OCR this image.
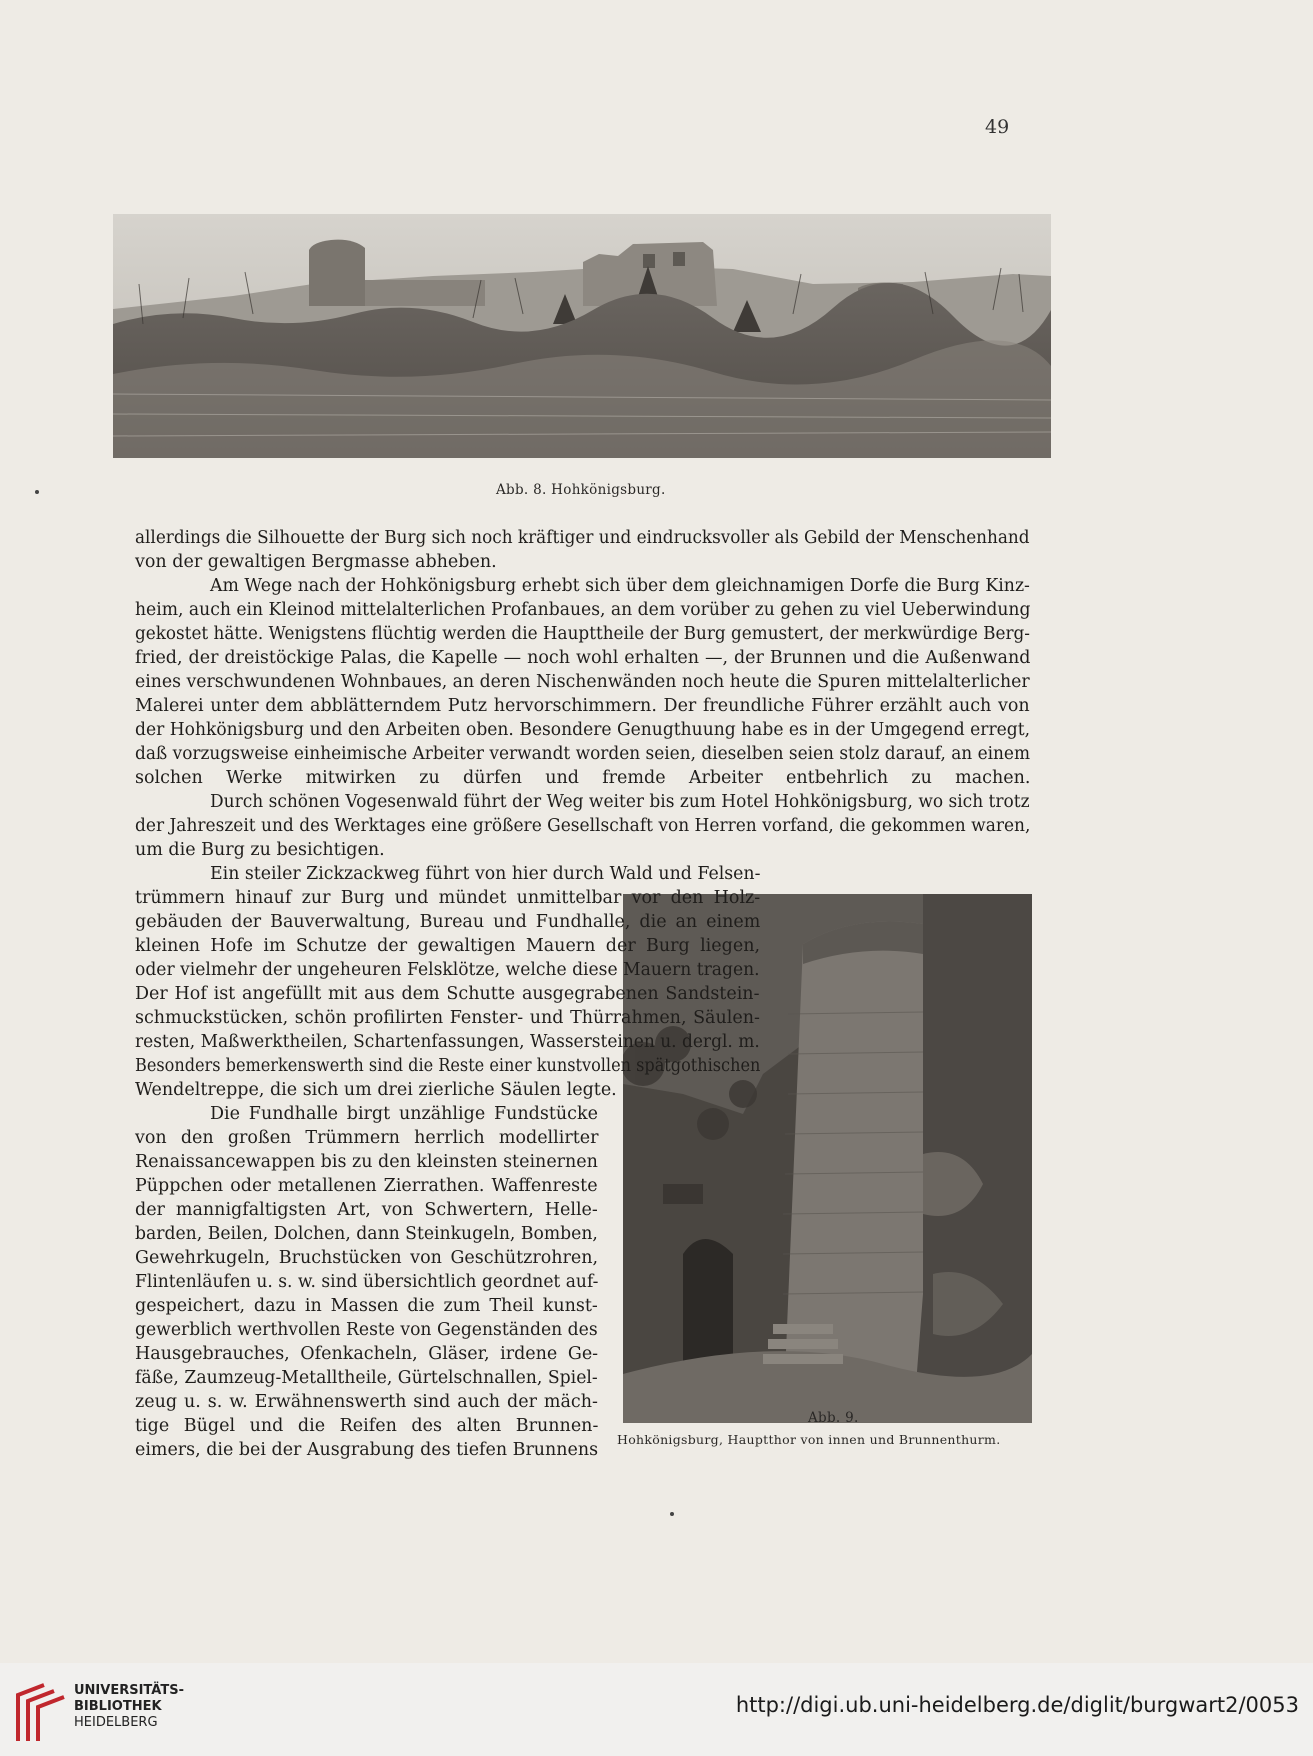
49
Abb. 8. Hohkönigsburg.
Abb. 9.
Hohkönigsburg, Hauptthor von innen und Brunnenthurm.
allerdings die Silhouette der Burg sich noch kräftiger und eindrucksvoller als Gebild der Menschenhand
von der gewaltigen Bergmasse abheben.
Am Wege nach der Hohkönigsburg erhebt sich über dem gleichnamigen Dorfe die Burg Kinz-
heim, auch ein Kleinod mittelalterlichen Profanbaues, an dem vorüber zu gehen zu viel Ueberwindung
gekostet hätte. Wenigstens flüchtig werden die Haupttheile der Burg gemustert, der merkwürdige Berg-
fried, der dreistöckige Palas, die Kapelle — noch wohl erhalten —, der Brunnen und die Außenwand
eines verschwundenen Wohnbaues, an deren Nischenwänden noch heute die Spuren mittelalterlicher
Malerei unter dem abblätterndem Putz hervorschimmern. Der freundliche Führer erzählt auch von
der Hohkönigsburg und den Arbeiten oben. Besondere Genugthuung habe es in der Umgegend erregt,
daß vorzugsweise einheimische Arbeiter verwandt worden seien, dieselben seien stolz darauf, an einem
solchen Werke mitwirken zu dürfen und fremde Arbeiter entbehrlich zu machen.
Durch schönen Vogesenwald führt der Weg weiter bis zum Hotel Hohkönigsburg, wo sich trotz
der Jahreszeit und des Werktages eine größere Gesellschaft von Herren vorfand, die gekommen waren,
um die Burg zu besichtigen.
Ein steiler Zickzackweg führt von hier durch Wald und Felsen-
trümmern hinauf zur Burg und mündet unmittelbar vor den Holz-
gebäuden der Bauverwaltung, Bureau und Fundhalle, die an einem
kleinen Hofe im Schutze der gewaltigen Mauern der Burg liegen,
oder vielmehr der ungeheuren Felsklötze, welche diese Mauern tragen.
Der Hof ist angefüllt mit aus dem Schutte ausgegrabenen Sandstein-
schmuckstücken, schön profilirten Fenster- und Thürrahmen, Säulen-
resten, Maßwerktheilen, Schartenfassungen, Wassersteinen u. dergl. m.
Besonders bemerkenswerth sind die Reste einer kunstvollen spätgothischen
Wendeltreppe, die sich um drei zierliche Säulen legte.
Die Fundhalle birgt unzählige Fundstücke
von den großen Trümmern herrlich modellirter
Renaissancewappen bis zu den kleinsten steinernen
Püppchen oder metallenen Zierrathen. Waffenreste
der mannigfaltigsten Art, von Schwertern, Helle-
barden, Beilen, Dolchen, dann Steinkugeln, Bomben,
Gewehrkugeln, Bruchstücken von Geschützrohren,
Flintenläufen u. s. w. sind übersichtlich geordnet auf-
gespeichert, dazu in Massen die zum Theil kunst-
gewerblich werthvollen Reste von Gegenständen des
Hausgebrauches, Ofenkacheln, Gläser, irdene Ge-
fäße, Zaumzeug-Metalltheile, Gürtelschnallen, Spiel-
zeug u. s. w. Erwähnenswerth sind auch der mäch-
tige Bügel und die Reifen des alten Brunnen-
eimers, die bei der Ausgrabung des tiefen Brunnens
UNIVERSITÄTS-
BIBLIOTHEK
HEIDELBERG
http://digi.ub.uni-heidelberg.de/diglit/burgwart2/0053
